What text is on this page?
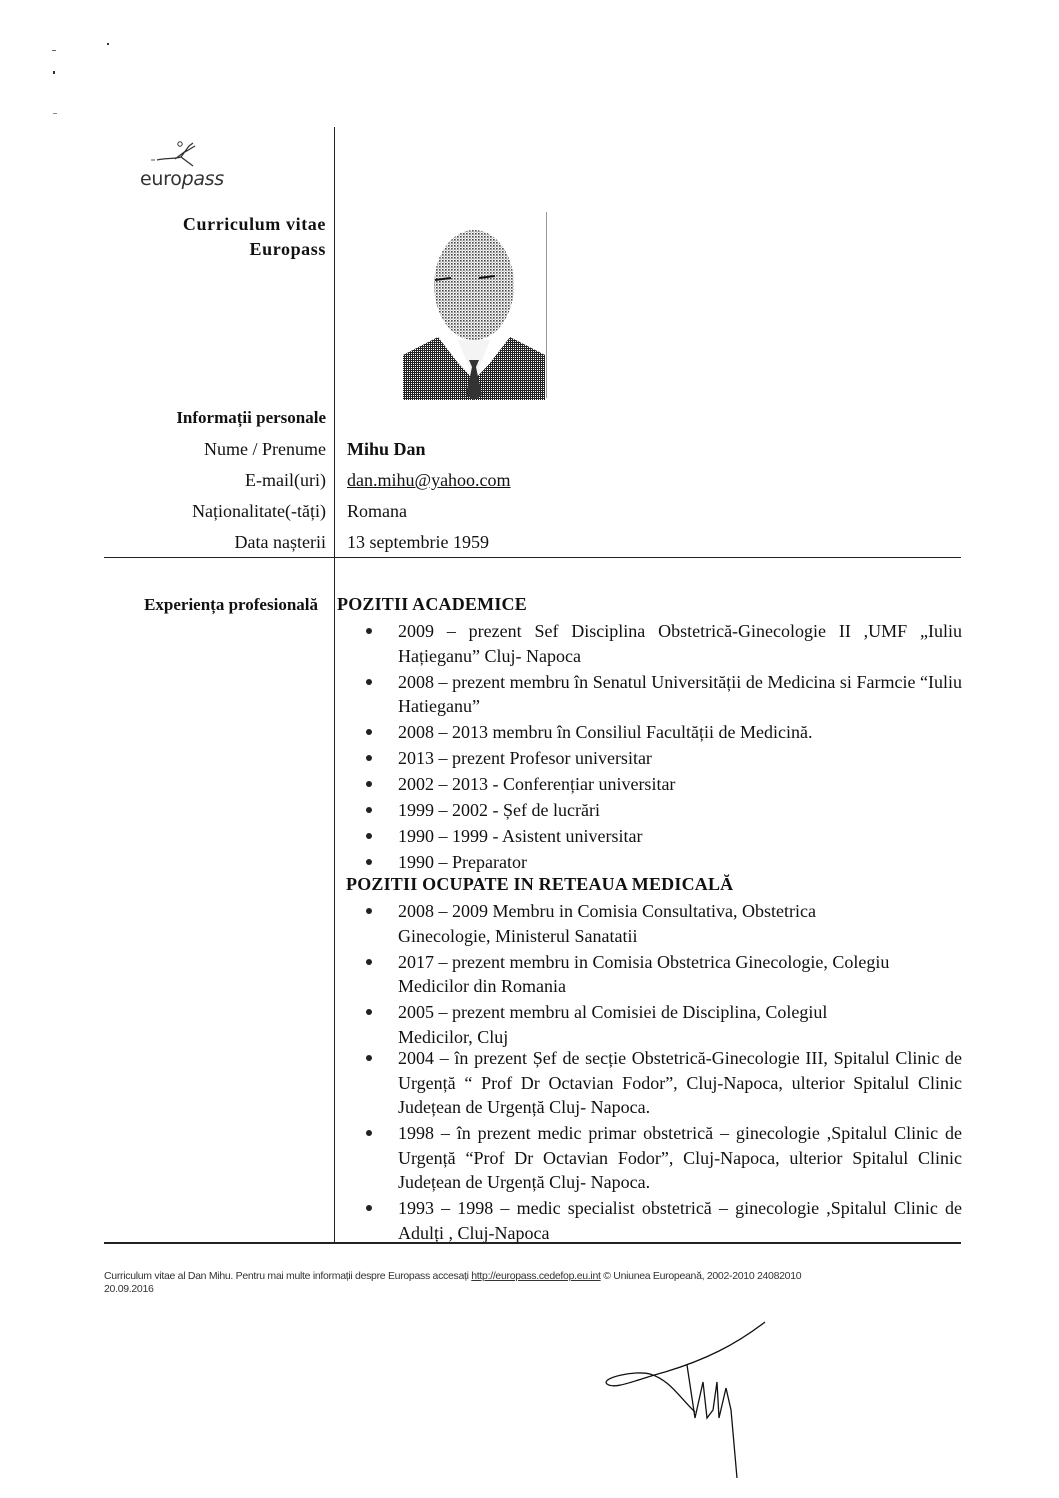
europass
Curriculum vitae
Europass
Informații personale
Nume / Prenume Mihu Dan
E-mail(uri) dan.mihu@yahoo.com
Naționalitate(-tăți) Romana
Data nașterii 13 septembrie 1959
Experiența profesională POZITII ACADEMICE
2009 – prezent Sef Disciplina Obstetrică-Ginecologie II ,UMF „Iuliu Hațieganu” Cluj- Napoca
2008 – prezent membru în Senatul Universității de Medicina si Farmcie “Iuliu Hatieganu”
2008 – 2013 membru în Consiliul Facultății de Medicină.
2013 – prezent Profesor universitar
2002 – 2013 - Conferențiar universitar
1999 – 2002 - Șef de lucrări
1990 – 1999 - Asistent universitar
1990 – Preparator
POZITII OCUPATE IN RETEAUA MEDICALĂ
2008 – 2009 Membru in Comisia Consultativa, Obstetrica Ginecologie, Ministerul Sanatatii
2017 – prezent membru in Comisia Obstetrica Ginecologie, Colegiu Medicilor din Romania
2005 – prezent membru al Comisiei de Disciplina, Colegiul Medicilor, Cluj
2004 – în prezent Șef de secție Obstetrică-Ginecologie III, Spitalul Clinic de Urgență “ Prof Dr Octavian Fodor”, Cluj-Napoca, ulterior Spitalul Clinic Județean de Urgență Cluj- Napoca.
1998 – în prezent medic primar obstetrică – ginecologie ,Spitalul Clinic de Urgență “Prof Dr Octavian Fodor”, Cluj-Napoca, ulterior Spitalul Clinic Județean de Urgență Cluj- Napoca.
1993 – 1998 – medic specialist obstetrică – ginecologie ,Spitalul Clinic de Adulți , Cluj-Napoca
Curriculum vitae al Dan Mihu. Pentru mai multe informații despre Europass accesați http://europass.cedefop.eu.int © Uniunea Europeană, 2002-2010 24082010
20.09.2016
